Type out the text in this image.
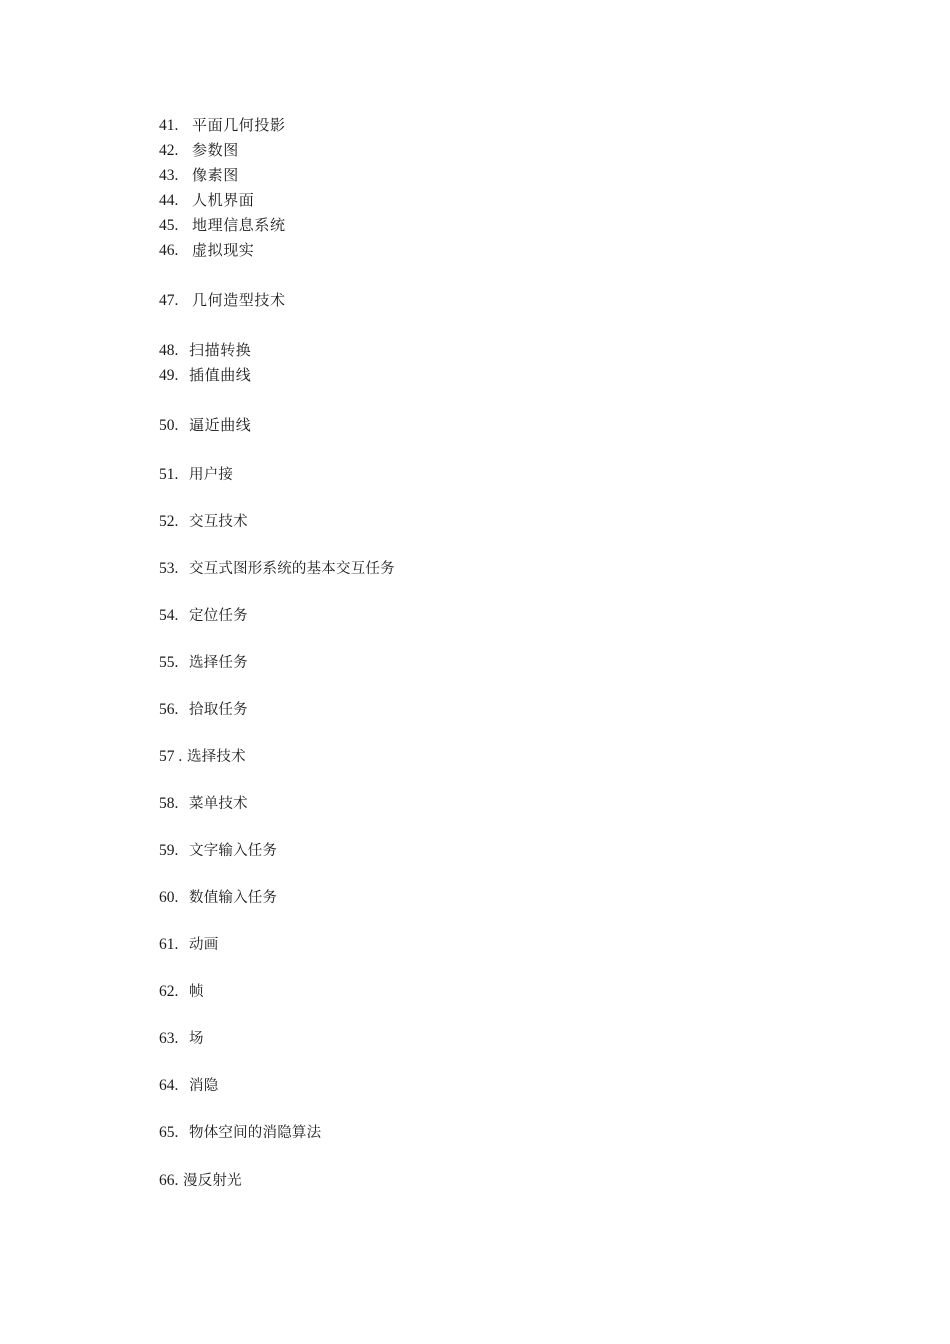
41. 平面几何投影
42. 参数图
43. 像素图
44. 人机界面
45. 地理信息系统
46. 虚拟现实
47. 几何造型技术
48. 扫描转换
49. 插值曲线
50. 逼近曲线
51. 用户接
52. 交互技术
53. 交互式图形系统的基本交互任务
54. 定位任务
55. 选择任务
56. 拾取任务
57 . 选择技术
58. 菜单技术
59. 文字输入任务
60. 数值输入任务
61. 动画
62. 帧
63. 场
64. 消隐
65. 物体空间的消隐算法
66. 漫反射光
